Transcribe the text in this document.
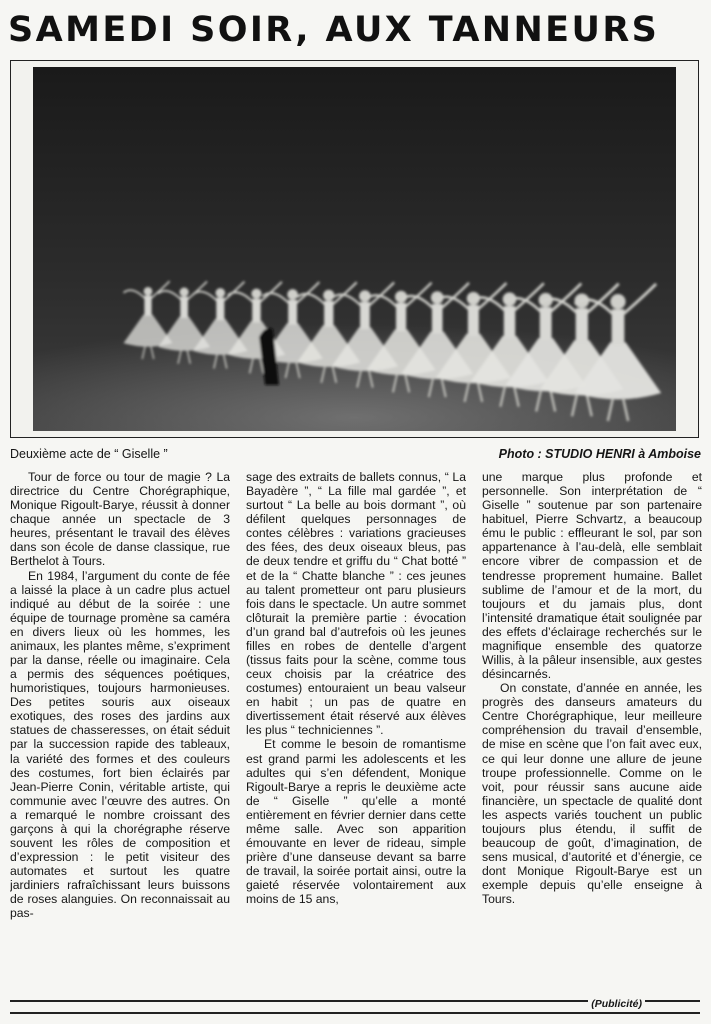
SAMEDI SOIR, AUX TANNEURS
Deuxième acte de “ Giselle ”	Photo : STUDIO HENRI à Amboise

Tour de force ou tour de magie ? La directrice du Centre Chorégraphique, Monique Rigoult-Barye, réussit à donner chaque année un spectacle de 3 heures, présentant le travail des élèves dans son école de danse classique, rue Berthelot à Tours.

En 1984, l’argument du conte de fée a laissé la place à un cadre plus actuel indiqué au début de la soirée : une équipe de tournage promène sa caméra en divers lieux où les hommes, les animaux, les plantes même, s’expriment par la danse, réelle ou imaginaire. Cela a permis des séquences poétiques, humoristiques, toujours harmonieuses. Des petites souris aux oiseaux exotiques, des roses des jardins aux statues de chasseresses, on était séduit par la succession rapide des tableaux, la variété des formes et des couleurs des costumes, fort bien éclairés par Jean-Pierre Conin, véritable artiste, qui communie avec l’œuvre des autres. On a remarqué le nombre croissant des garçons à qui la chorégraphe réserve souvent les rôles de composition et d’expression : le petit visiteur des automates et surtout les quatre jardiniers rafraîchissant leurs buissons de roses alanguies. On reconnaissait au pas-

sage des extraits de ballets connus, “ La Bayadère ”, “ La fille mal gardée ”, et surtout “ La belle au bois dormant ”, où défilent quelques personnages de contes célèbres : variations gracieuses des fées, des deux oiseaux bleus, pas de deux tendre et griffu du “ Chat botté ” et de la “ Chatte blanche ” : ces jeunes au talent prometteur ont paru plusieurs fois dans le spectacle. Un autre sommet clôturait la première partie : évocation d’un grand bal d’autrefois où les jeunes filles en robes de dentelle d’argent (tissus faits pour la scène, comme tous ceux choisis par la créatrice des costumes) entouraient un beau valseur en habit ; un pas de quatre en divertissement était réservé aux élèves les plus “ techniciennes ”.

Et comme le besoin de romantisme est grand parmi les adolescents et les adultes qui s’en défendent, Monique Rigoult-Barye a repris le deuxième acte de “ Giselle ” qu’elle a monté entièrement en février dernier dans cette même salle. Avec son apparition émouvante en lever de rideau, simple prière d’une danseuse devant sa barre de travail, la soirée portait ainsi, outre la gaieté réservée volontairement aux moins de 15 ans,

une marque plus profonde et personnelle. Son interprétation de “ Giselle ” soutenue par son partenaire habituel, Pierre Schvartz, a beaucoup ému le public : effleurant le sol, par son appartenance à l’au-delà, elle semblait encore vibrer de compassion et de tendresse proprement humaine. Ballet sublime de l’amour et de la mort, du toujours et du jamais plus, dont l’intensité dramatique était soulignée par des effets d’éclairage recherchés sur le magnifique ensemble des quatorze Willis, à la pâleur insensible, aux gestes désincarnés.

On constate, d’année en année, les progrès des danseurs amateurs du Centre Chorégraphique, leur meilleure compréhension du travail d’ensemble, de mise en scène que l’on fait avec eux, ce qui leur donne une allure de jeune troupe professionnelle. Comme on le voit, pour réussir sans aucune aide financière, un spectacle de qualité dont les aspects variés touchent un public toujours plus étendu, il suffit de beaucoup de goût, d’imagination, de sens musical, d’autorité et d’énergie, ce dont Monique Rigoult-Barye est un exemple depuis qu’elle enseigne à Tours.

(Publicité)
